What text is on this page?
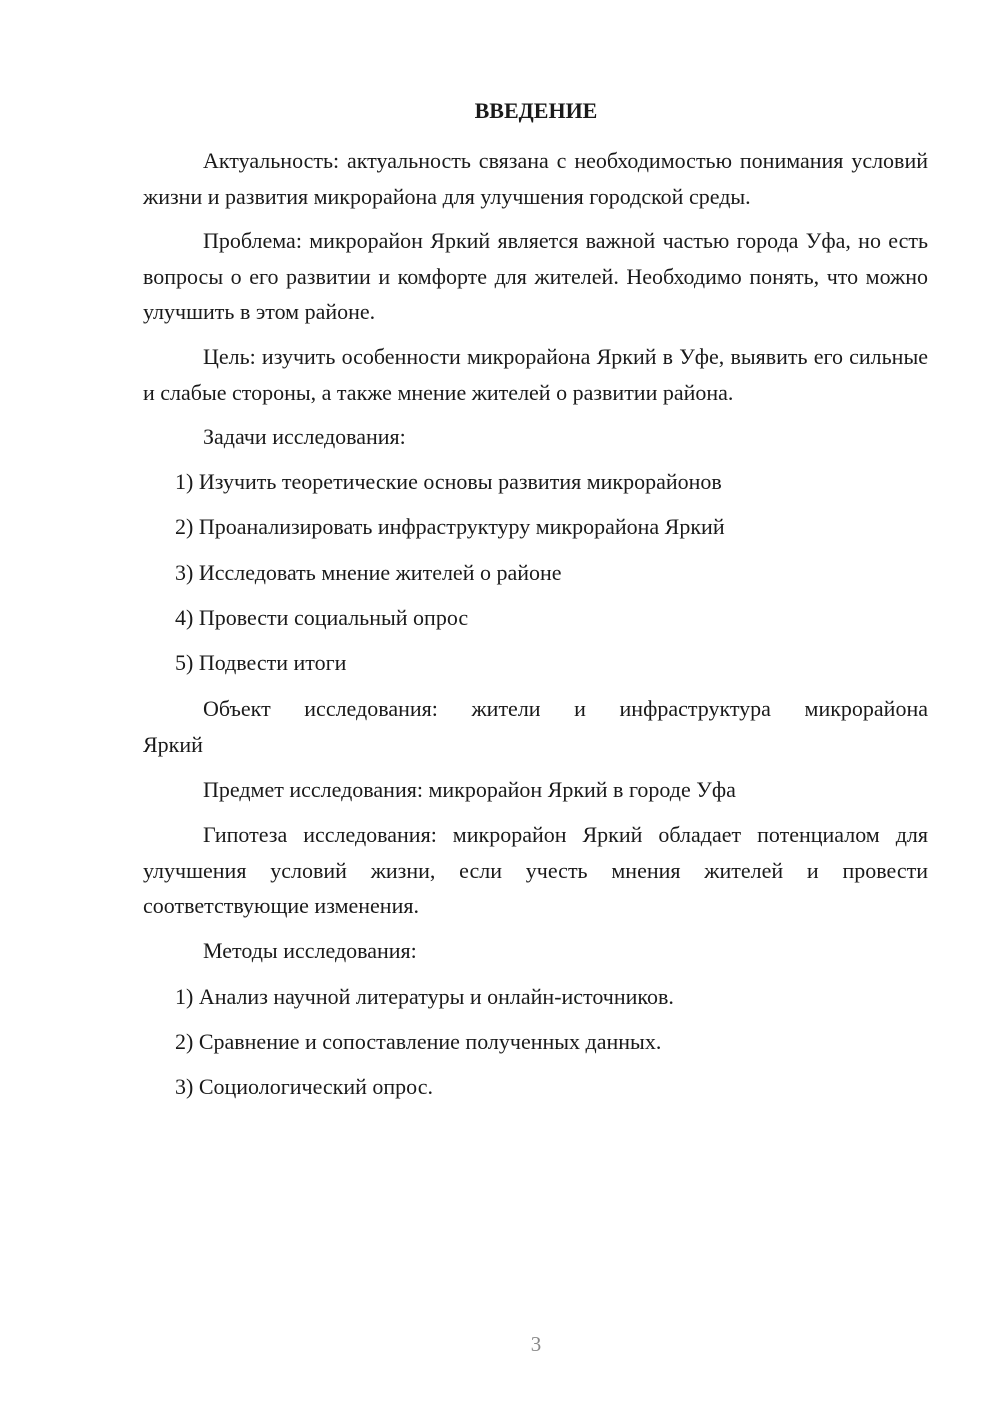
ВВЕДЕНИЕ

Актуальность: актуальность связана с необходимостью понимания условий жизни и развития микрорайона для улучшения городской среды.

Проблема: микрорайон Яркий является важной частью города Уфа, но есть вопросы о его развитии и комфорте для жителей. Необходимо понять, что можно улучшить в этом районе.

Цель: изучить особенности микрорайона Яркий в Уфе, выявить его сильные и слабые стороны, а также мнение жителей о развитии района.

Задачи исследования:

1) Изучить теоретические основы развития микрорайонов

2) Проанализировать инфраструктуру микрорайона Яркий

3) Исследовать мнение жителей о районе

4) Провести социальный опрос

5) Подвести итоги

Объект исследования: жители и инфраструктура микрорайона Яркий

Предмет исследования: микрорайон Яркий в городе Уфа

Гипотеза исследования: микрорайон Яркий обладает потенциалом для улучшения условий жизни, если учесть мнения жителей и провести соответствующие изменения.

Методы исследования:

1) Анализ научной литературы и онлайн-источников.

2) Сравнение и сопоставление полученных данных.

3) Социологический опрос.

3
